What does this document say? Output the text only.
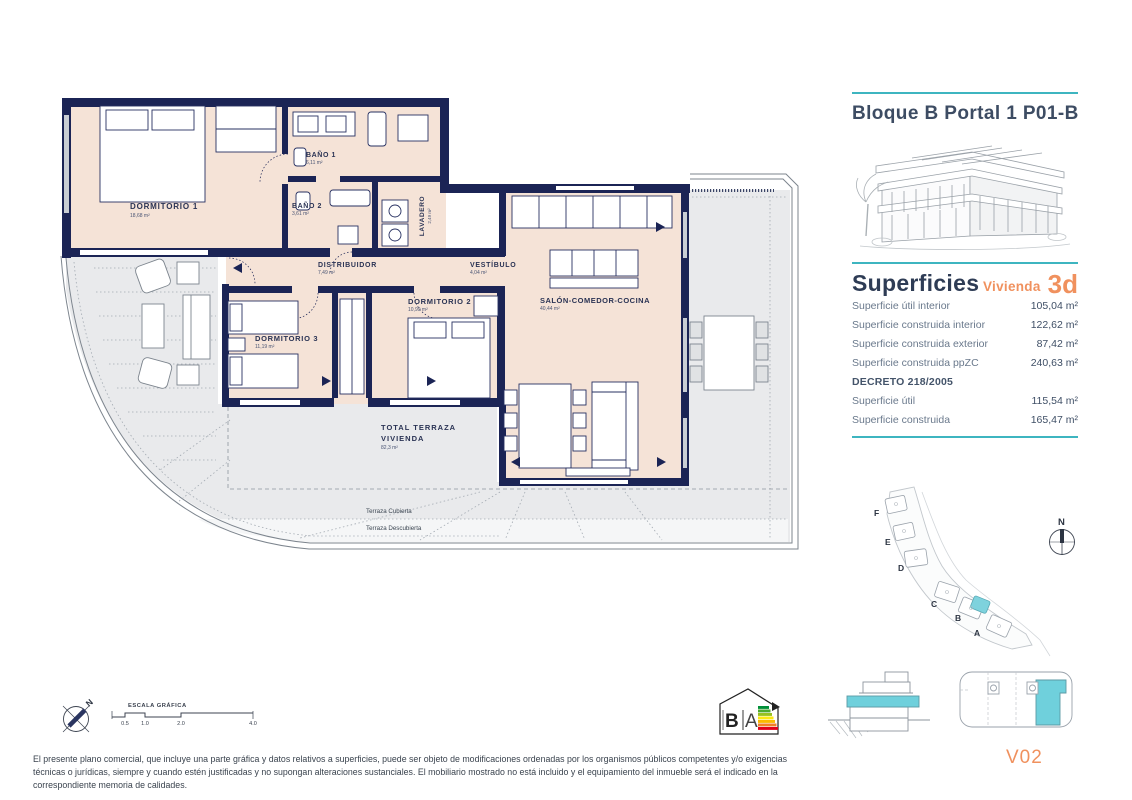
DORMITORIO 1
18,68 m²
BAÑO 1
6,11 m²
BAÑO 2
3,61 m²	LAVADERO 2,49 m²
DISTRIBUIDOR
7,49 m²
VESTÍBULO
4,04 m²
DORMITORIO 2
10,99 m²
DORMITORIO 3
11,19 m²
SALÓN-COMEDOR-COCINA
40,44 m²
TOTAL TERRAZA
VIVIENDA
82,3 m²
Terraza Cubierta
Terraza Descubierta
Bloque B Portal 1 P01-B
Superficies Vivienda 3d
Superficie útil interior	105,04 m²
Superficie construida interior	122,62 m²
Superficie construida exterior	87,42 m²
Superficie construida ppZC	240,63 m²
DECRETO 218/2005
Superficie útil	115,54 m²
Superficie construida	165,47 m²
F
E
D
C
B
A
N
N	ESCALA GRÁFICA
0.5 1.0	2.0	4.0	B A

El presente plano comercial, que incluye una parte gráfica y datos relativos a superficies, puede ser objeto de modificaciones ordenadas por los organismos públicos competentes y/o exigencias técnicas o jurídicas, siempre y cuando estén justificadas y no supongan alteraciones sustanciales. El mobiliario mostrado no está incluido y el equipamiento del inmueble será el indicado en la correspondiente memoria de calidades.

V02
